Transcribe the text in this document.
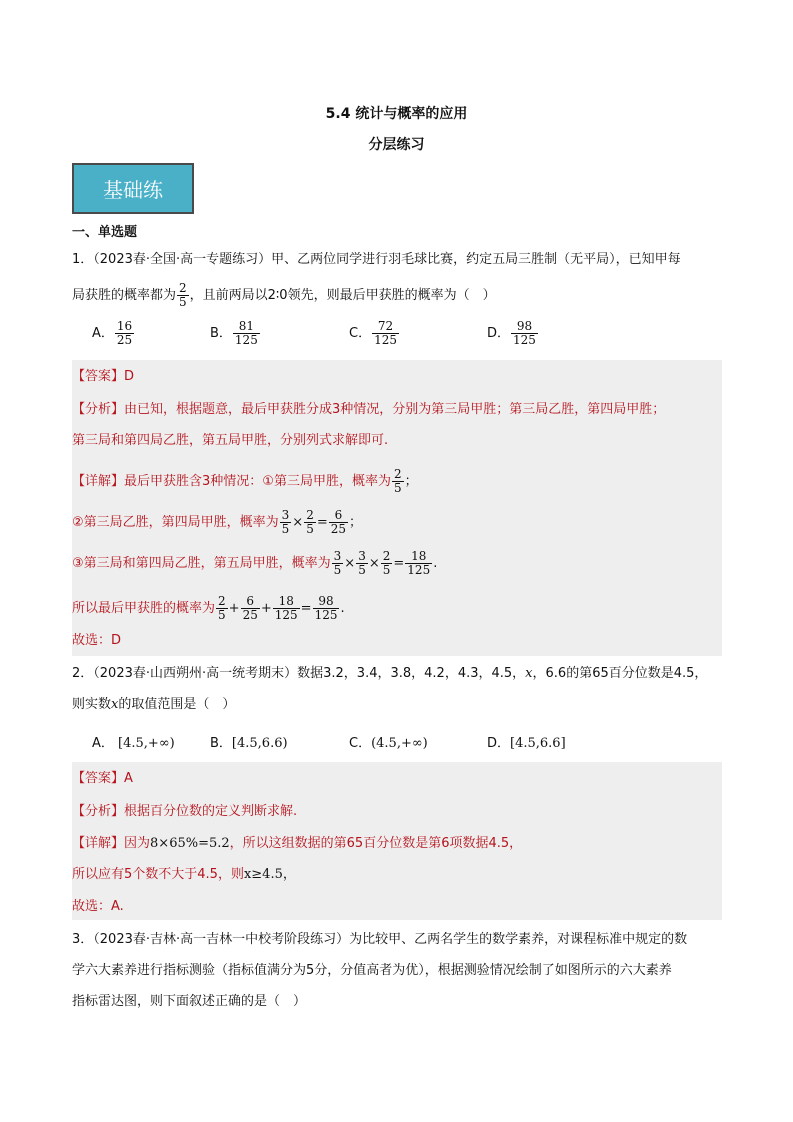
5.4 统计与概率的应用
分层练习
基础练
一、单选题
1．（2023春·全国·高一专题练习）甲、乙两位同学进行羽毛球比赛，约定五局三胜制（无平局），已知甲每
局获胜的概率都为 $\frac{2}{5}$ ，且前两局以2∶0领先，则最后甲获胜的概率为（　）
A． $\frac{16}{25}$	B． $\frac{81}{125}$	C． $\frac{72}{125}$	D． $\frac{98}{125}$
【答案】D
【分析】由已知，根据题意，最后甲获胜分成3种情况，分别为第三局甲胜；第三局乙胜，第四局甲胜；
第三局和第四局乙胜，第五局甲胜，分别列式求解即可.
【详解】最后甲获胜含3种情况：①第三局甲胜，概率为 $\frac{2}{5}$ ；
②第三局乙胜，第四局甲胜，概率为 $\frac{3}{5} \times \frac{2}{5} = \frac{6}{25}$ ；
③第三局和第四局乙胜，第五局甲胜，概率为 $\frac{3}{5} \times \frac{3}{5} \times \frac{2}{5} = \frac{18}{125}$ .
所以最后甲获胜的概率为 $\frac{2}{5} + \frac{6}{25} + \frac{18}{125} = \frac{98}{125}$ .
故选：D
2．（2023春·山西朔州·高一统考期末）数据3.2，3.4，3.8，4.2，4.3，4.5，x，6.6的第65百分位数是4.5，
则实数x的取值范围是（　）
A． [4.5,+∞)	B．[4.5,6.6)	C．(4.5,+∞)	D．[4.5,6.6]
【答案】A
【分析】根据百分位数的定义判断求解.
【详解】因为8×65%=5.2，所以这组数据的第65百分位数是第6项数据4.5，
所以应有5个数不大于4.5，则x≥4.5，
故选：A.
3．（2023春·吉林·高一吉林一中校考阶段练习）为比较甲、乙两名学生的数学素养，对课程标准中规定的数
学六大素养进行指标测验（指标值满分为5分，分值高者为优），根据测验情况绘制了如图所示的六大素养
指标雷达图，则下面叙述正确的是（　）
